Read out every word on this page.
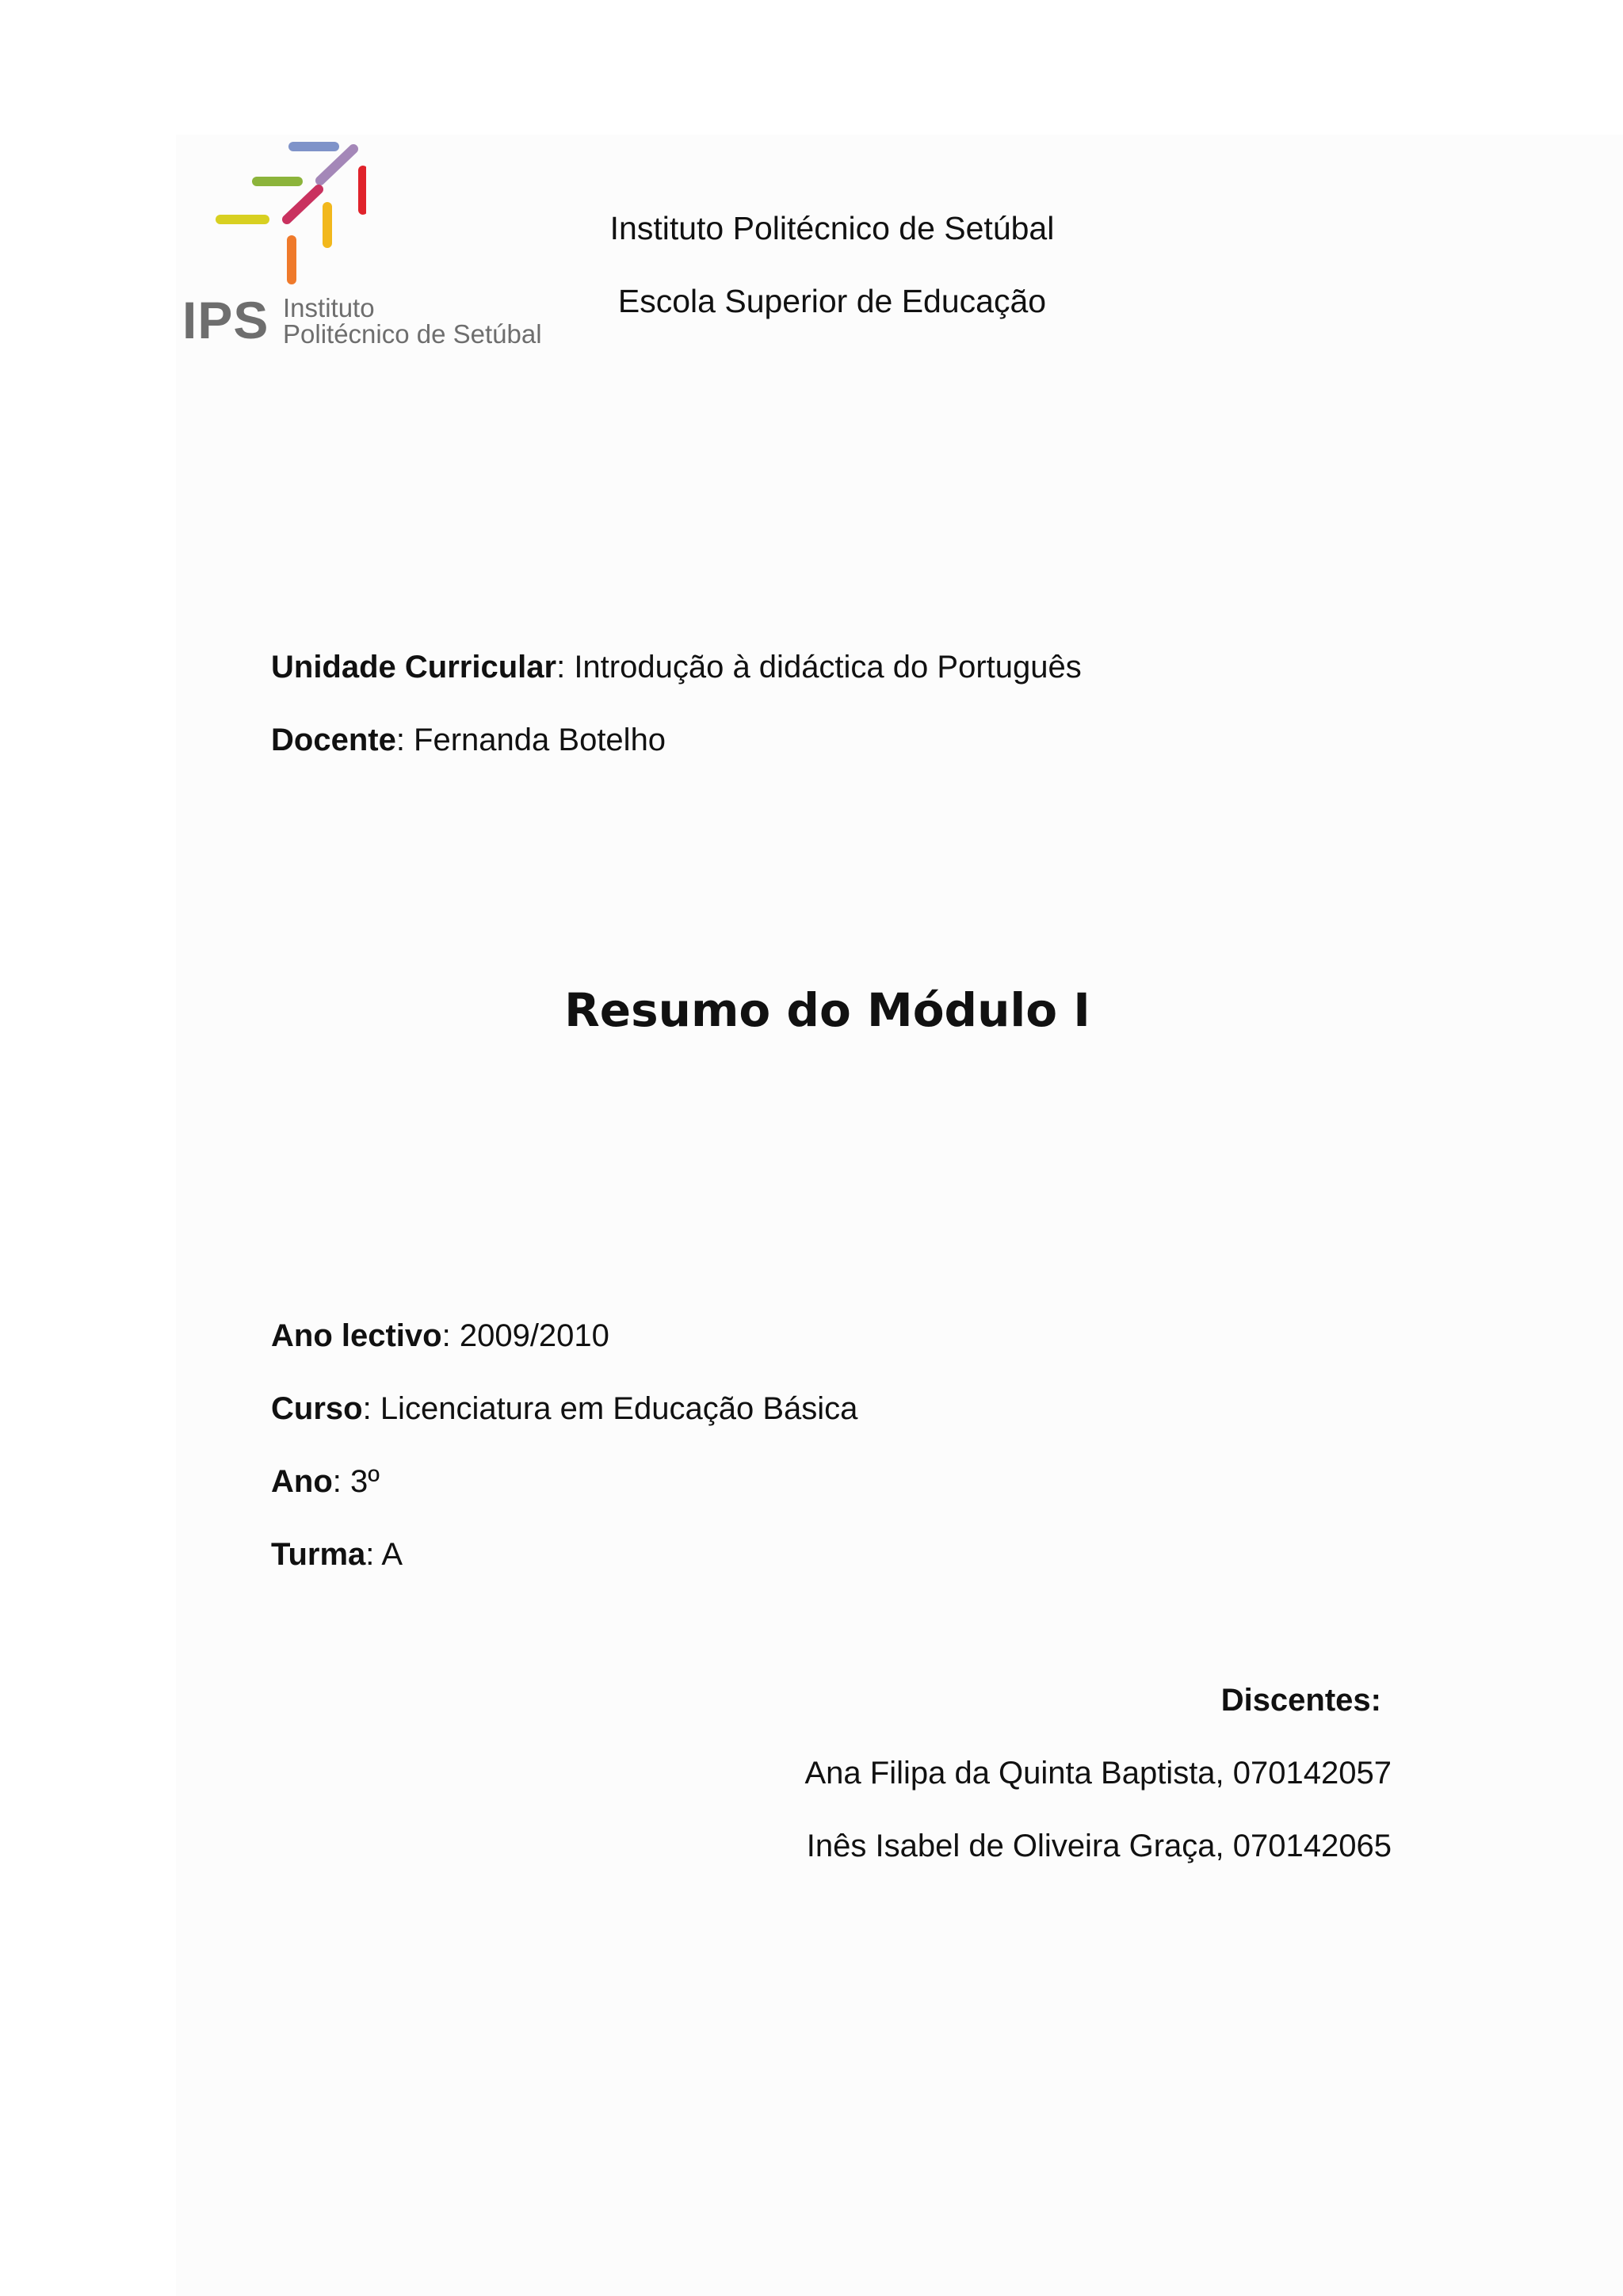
IPS Instituto
Politécnico de Setúbal
Instituto Politécnico de Setúbal
Escola Superior de Educação
Unidade Curricular: Introdução à didáctica do Português
Docente: Fernanda Botelho
Resumo do Módulo I
Ano lectivo: 2009/2010
Curso: Licenciatura em Educação Básica
Ano: 3º
Turma: A
Discentes:
Ana Filipa da Quinta Baptista, 070142057
Inês Isabel de Oliveira Graça, 070142065
